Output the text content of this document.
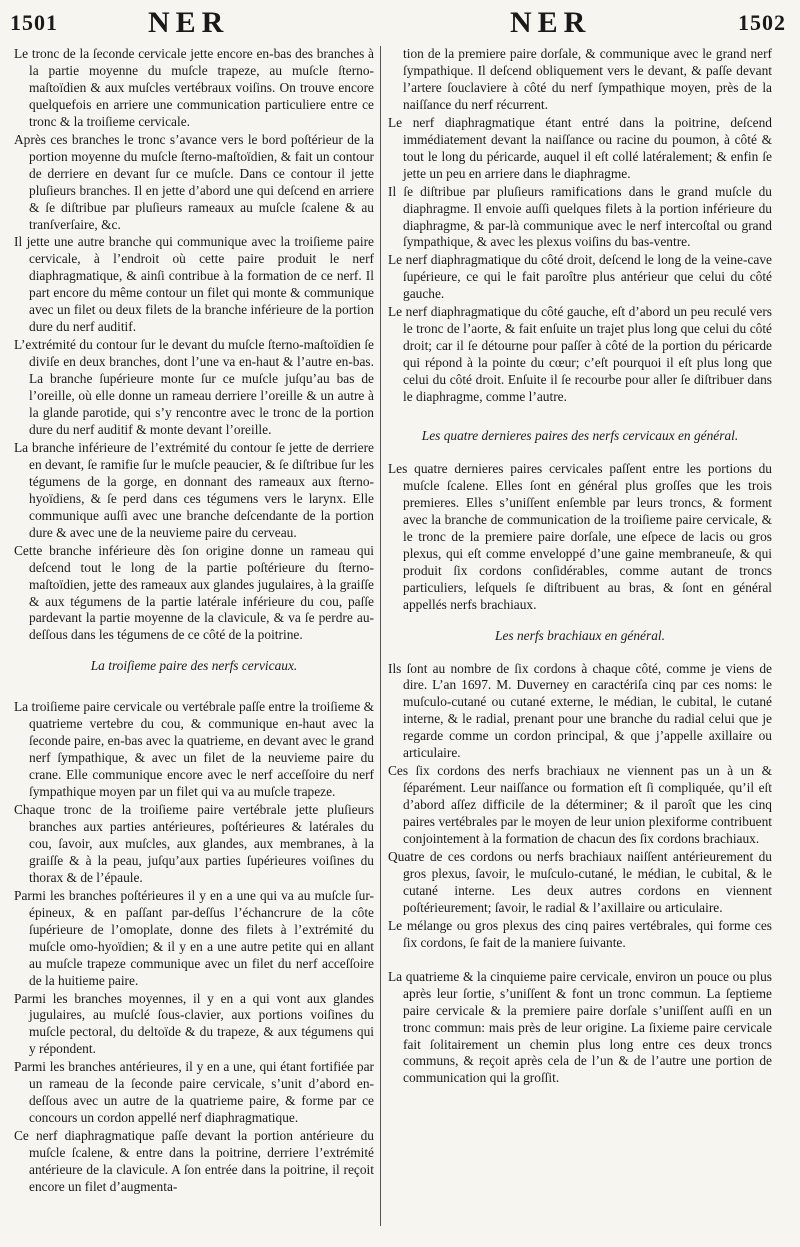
1501	NER	NER	1502

Le tronc de la ſeconde cervicale jette encore en-bas des branches à la partie moyenne du muſcle trapeze, au muſcle ſterno-maſtoïdien & aux muſcles vertébraux voiſins. On trouve encore quelquefois en arriere une communication particuliere entre ce tronc & la troiſieme cervicale.

Après ces branches le tronc s’avance vers le bord poſtérieur de la portion moyenne du muſcle ſterno-maſtoïdien, & fait un contour de derriere en devant ſur ce muſcle. Dans ce contour il jette pluſieurs branches. Il en jette d’abord une qui deſcend en arriere & ſe diſtribue par pluſieurs rameaux au muſcle ſcalene & au tranſverſaire, &c.

Il jette une autre branche qui communique avec la troiſieme paire cervicale, à l’endroit où cette paire produit le nerf diaphragmatique, & ainſi contribue à la formation de ce nerf. Il part encore du même contour un filet qui monte & communique avec un filet ou deux filets de la branche inférieure de la portion dure du nerf auditif.

L’extrémité du contour ſur le devant du muſcle ſterno-maſtoïdien ſe diviſe en deux branches, dont l’une va en-haut & l’autre en-bas. La branche ſupérieure monte ſur ce muſcle juſqu’au bas de l’oreille, où elle donne un rameau derriere l’oreille & un autre à la glande parotide, qui s’y rencontre avec le tronc de la portion dure du nerf auditif & monte devant l’oreille.

La branche inférieure de l’extrémité du contour ſe jette de derriere en devant, ſe ramifie ſur le muſcle peaucier, & ſe diſtribue ſur les tégumens de la gorge, en donnant des rameaux aux ſterno-hyoïdiens, & ſe perd dans ces tégumens vers le larynx. Elle communique auſſi avec une branche deſcendante de la portion dure & avec une de la neuvieme paire du cerveau.

Cette branche inférieure dès ſon origine donne un rameau qui deſcend tout le long de la partie poſtérieure du ſterno-maſtoïdien, jette des rameaux aux glandes jugulaires, à la graiſſe & aux tégumens de la partie latérale inférieure du cou, paſſe pardevant la partie moyenne de la clavicule, & va ſe perdre au-deſſous dans les tégumens de ce côté de la poitrine.

La troiſieme paire des nerfs cervicaux.

La troiſieme paire cervicale ou vertébrale paſſe entre la troiſieme & quatrieme vertebre du cou, & communique en-haut avec la ſeconde paire, en-bas avec la quatrieme, en devant avec le grand nerf ſympathique, & avec un filet de la neuvieme paire du crane. Elle communique encore avec le nerf acceſſoire du nerf ſympathique moyen par un filet qui va au muſcle trapeze.

Chaque tronc de la troiſieme paire vertébrale jette pluſieurs branches aux parties antérieures, poſtérieures & latérales du cou, ſavoir, aux muſcles, aux glandes, aux membranes, à la graiſſe & à la peau, juſqu’aux parties ſupérieures voiſines du thorax & de l’épaule.

Parmi les branches poſtérieures il y en a une qui va au muſcle ſur-épineux, & en paſſant par-deſſus l’échancrure de la côte ſupérieure de l’omoplate, donne des filets à l’extrémité du muſcle omo-hyoïdien; & il y en a une autre petite qui en allant au muſcle trapeze communique avec un filet du nerf acceſſoire de la huitieme paire.

Parmi les branches moyennes, il y en a qui vont aux glandes jugulaires, au muſclé ſous-clavier, aux portions voiſines du muſcle pectoral, du deltoïde & du trapeze, & aux tégumens qui y répondent.

Parmi les branches antérieures, il y en a une, qui étant fortifiée par un rameau de la ſeconde paire cervicale, s’unit d’abord en-deſſous avec un autre de la quatrieme paire, & forme par ce concours un cordon appellé nerf diaphragmatique.

Ce nerf diaphragmatique paſſe devant la portion antérieure du muſcle ſcalene, & entre dans la poitrine, derriere l’extrémité antérieure de la clavicule. A ſon entrée dans la poitrine, il reçoit encore un filet d’augmenta-

tion de la premiere paire dorſale, & communique avec le grand nerf ſympathique. Il deſcend obliquement vers le devant, & paſſe devant l’artere ſouclaviere à côté du nerf ſympathique moyen, près de la naiſſance du nerf récurrent.

Le nerf diaphragmatique étant entré dans la poitrine, deſcend immédiatement devant la naiſſance ou racine du poumon, à côté & tout le long du péricarde, auquel il eſt collé latéralement; & enfin ſe jette un peu en arriere dans le diaphragme.

Il ſe diſtribue par pluſieurs ramifications dans le grand muſcle du diaphragme. Il envoie auſſi quelques filets à la portion inférieure du diaphragme, & par-là communique avec le nerf intercoſtal ou grand ſympathique, & avec les plexus voiſins du bas-ventre.

Le nerf diaphragmatique du côté droit, deſcend le long de la veine-cave ſupérieure, ce qui le fait paroître plus antérieur que celui du côté gauche.

Le nerf diaphragmatique du côté gauche, eſt d’abord un peu reculé vers le tronc de l’aorte, & fait enſuite un trajet plus long que celui du côté droit; car il ſe détourne pour paſſer à côté de la portion du péricarde qui répond à la pointe du cœur; c’eſt pourquoi il eſt plus long que celui du côté droit. Enſuite il ſe recourbe pour aller ſe diſtribuer dans le diaphragme, comme l’autre.

Les quatre dernieres paires des nerfs cervicaux en général.

Les quatre dernieres paires cervicales paſſent entre les portions du muſcle ſcalene. Elles ſont en général plus groſſes que les trois premieres. Elles s’uniſſent enſemble par leurs troncs, & forment avec la branche de communication de la troiſieme paire cervicale, & le tronc de la premiere paire dorſale, une eſpece de lacis ou gros plexus, qui eſt comme enveloppé d’une gaine membraneuſe, & qui produit ſix cordons conſidérables, comme autant de troncs particuliers, leſquels ſe diſtribuent au bras, & ſont en général appellés nerfs brachiaux.

Les nerfs brachiaux en général.

Ils ſont au nombre de ſix cordons à chaque côté, comme je viens de dire. L’an 1697. M. Duverney en caractériſa cinq par ces noms: le muſculo-cutané ou cutané externe, le médian, le cubital, le cutané interne, & le radial, prenant pour une branche du radial celui que je regarde comme un cordon principal, & que j’appelle axillaire ou articulaire.

Ces ſix cordons des nerfs brachiaux ne viennent pas un à un & ſéparément. Leur naiſſance ou formation eſt ſi compliquée, qu’il eſt d’abord aſſez difficile de la déterminer; & il paroît que les cinq paires vertébrales par le moyen de leur union plexiforme contribuent conjointement à la formation de chacun des ſix cordons brachiaux.

Quatre de ces cordons ou nerfs brachiaux naiſſent antérieurement du gros plexus, ſavoir, le muſculo-cutané, le médian, le cubital, & le cutané interne. Les deux autres cordons en viennent poſtérieurement; ſavoir, le radial & l’axillaire ou articulaire.

Le mélange ou gros plexus des cinq paires vertébrales, qui forme ces ſix cordons, ſe fait de la maniere ſuivante.

La quatrieme & la cinquieme paire cervicale, environ un pouce ou plus après leur ſortie, s’uniſſent & font un tronc commun. La ſeptieme paire cervicale & la premiere paire dorſale s’uniſſent auſſi en un tronc commun: mais près de leur origine. La ſixieme paire cervicale fait ſolitairement un chemin plus long entre ces deux troncs communs, & reçoit après cela de l’un & de l’autre une portion de communication qui la groſſit.
